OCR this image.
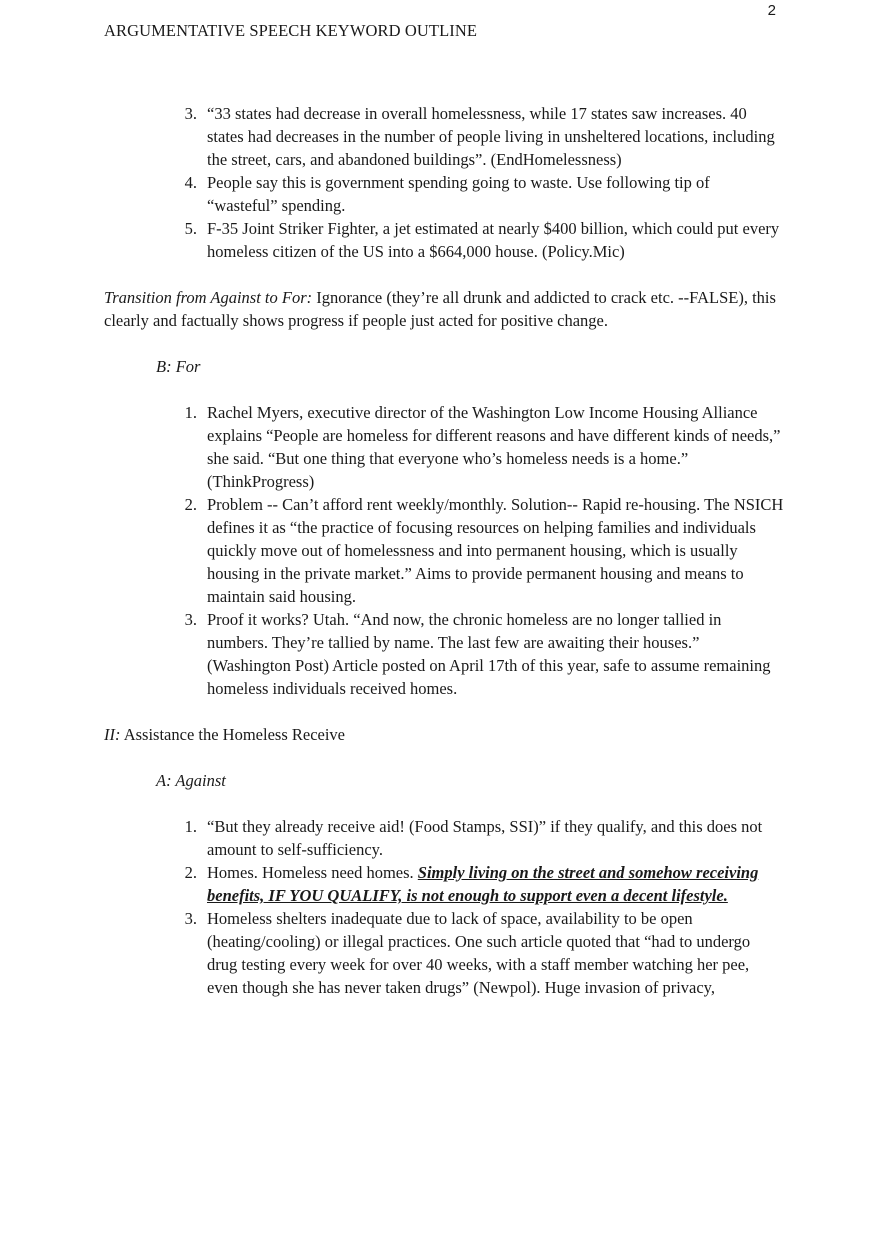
2
ARGUMENTATIVE SPEECH KEYWORD OUTLINE
3. “33 states had decrease in overall homelessness, while 17 states saw increases. 40 states had decreases in the number of people living in unsheltered locations, including the street, cars, and abandoned buildings”. (EndHomelessness)
4. People say this is government spending going to waste. Use following tip of “wasteful” spending.
5. F-35 Joint Striker Fighter, a jet estimated at nearly $400 billion, which could put every homeless citizen of the US into a $664,000 house. (Policy.Mic)

Transition from Against to For: Ignorance (they’re all drunk and addicted to crack etc. --FALSE), this clearly and factually shows progress if people just acted for positive change.

B: For
1. Rachel Myers, executive director of the Washington Low Income Housing Alliance explains “People are homeless for different reasons and have different kinds of needs,” she said. “But one thing that everyone who’s homeless needs is a home.” (ThinkProgress)
2. Problem -- Can’t afford rent weekly/monthly. Solution-- Rapid re-housing. The NSICH defines it as “the practice of focusing resources on helping families and individuals quickly move out of homelessness and into permanent housing, which is usually housing in the private market.” Aims to provide permanent housing and means to maintain said housing.
3. Proof it works? Utah. “And now, the chronic homeless are no longer tallied in numbers. They’re tallied by name. The last few are awaiting their houses.” (Washington Post) Article posted on April 17th of this year, safe to assume remaining homeless individuals received homes.
II: Assistance the Homeless Receive
A: Against
1. “But they already receive aid! (Food Stamps, SSI)” if they qualify, and this does not amount to self-sufficiency.
2. Homes. Homeless need homes. Simply living on the street and somehow receiving benefits, IF YOU QUALIFY, is not enough to support even a decent lifestyle.
3. Homeless shelters inadequate due to lack of space, availability to be open (heating/cooling) or illegal practices. One such article quoted that “had to undergo drug testing every week for over 40 weeks, with a staff member watching her pee, even though she has never taken drugs” (Newpol). Huge invasion of privacy,
